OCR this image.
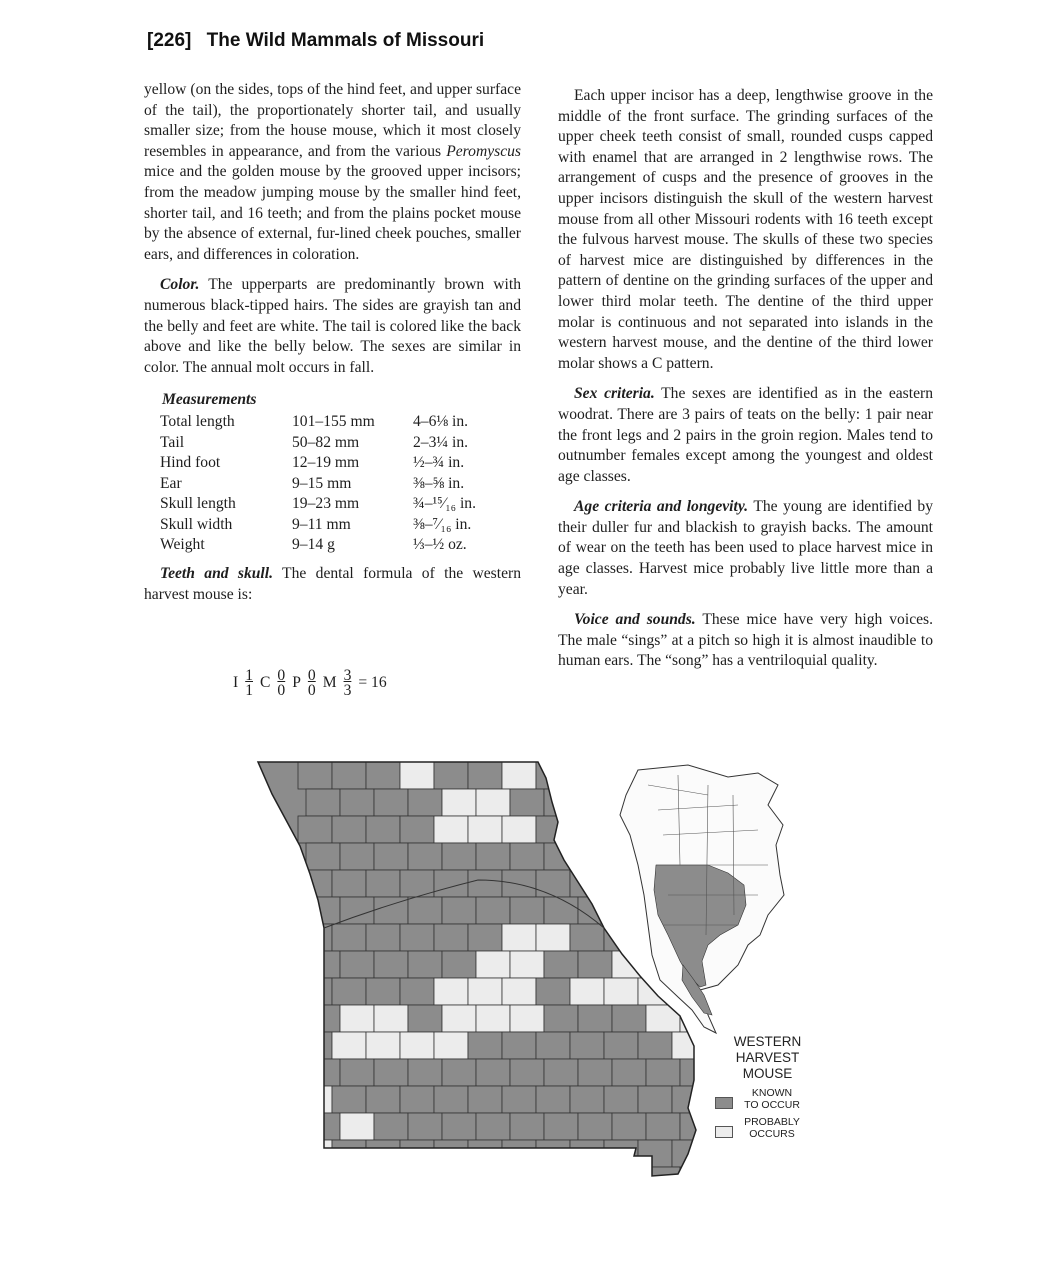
[226] The Wild Mammals of Missouri

yellow (on the sides, tops of the hind feet, and upper surface of the tail), the proportionately shorter tail, and usually smaller size; from the house mouse, which it most closely resembles in appearance, and from the various Peromyscus mice and the golden mouse by the grooved upper incisors; from the meadow jumping mouse by the smaller hind feet, shorter tail, and 16 teeth; and from the plains pocket mouse by the absence of external, fur-lined cheek pouches, smaller ears, and differences in coloration.

Color. The upperparts are predominantly brown with numerous black-tipped hairs. The sides are grayish tan and the belly and feet are white. The tail is colored like the back above and like the belly below. The sexes are similar in color. The annual molt occurs in fall.

Measurements
Total length	101–155 mm	4–6⅛ in.
Tail	50–82 mm	2–3¼ in.
Hind foot	12–19 mm	½–¾ in.
Ear	9–15 mm	⅜–⅝ in.
Skull length	19–23 mm	¾–¹⁵⁄₁₆ in.
Skull width	9–11 mm	⅜–⁷⁄₁₆ in.
Weight	9–14 g	⅓–½ oz.

Teeth and skull. The dental formula of the western harvest mouse is:

I $\frac{1}{1}$ C $\frac{0}{0}$ P $\frac{0}{0}$ M $\frac{3}{3} = 16$

Each upper incisor has a deep, lengthwise groove in the middle of the front surface. The grinding surfaces of the upper cheek teeth consist of small, rounded cusps capped with enamel that are arranged in 2 lengthwise rows. The arrangement of cusps and the presence of grooves in the upper incisors distinguish the skull of the western harvest mouse from all other Missouri rodents with 16 teeth except the fulvous harvest mouse. The skulls of these two species of harvest mice are distinguished by differences in the pattern of dentine on the grinding surfaces of the upper and lower third molar teeth. The dentine of the third upper molar is continuous and not separated into islands in the western harvest mouse, and the dentine of the third lower molar shows a C pattern.

Sex criteria. The sexes are identified as in the eastern woodrat. There are 3 pairs of teats on the belly: 1 pair near the front legs and 2 pairs in the groin region. Males tend to outnumber females except among the youngest and oldest age classes.

Age criteria and longevity. The young are identified by their duller fur and blackish to grayish backs. The amount of wear on the teeth has been used to place harvest mice in age classes. Harvest mice probably live little more than a year.

Voice and sounds. These mice have very high voices. The male “sings” at a pitch so high it is almost inaudible to human ears. The “song” has a ventriloquial quality.

WESTERN
HARVEST
MOUSE
KNOWN
TO OCCUR
PROBABLY
OCCURS
